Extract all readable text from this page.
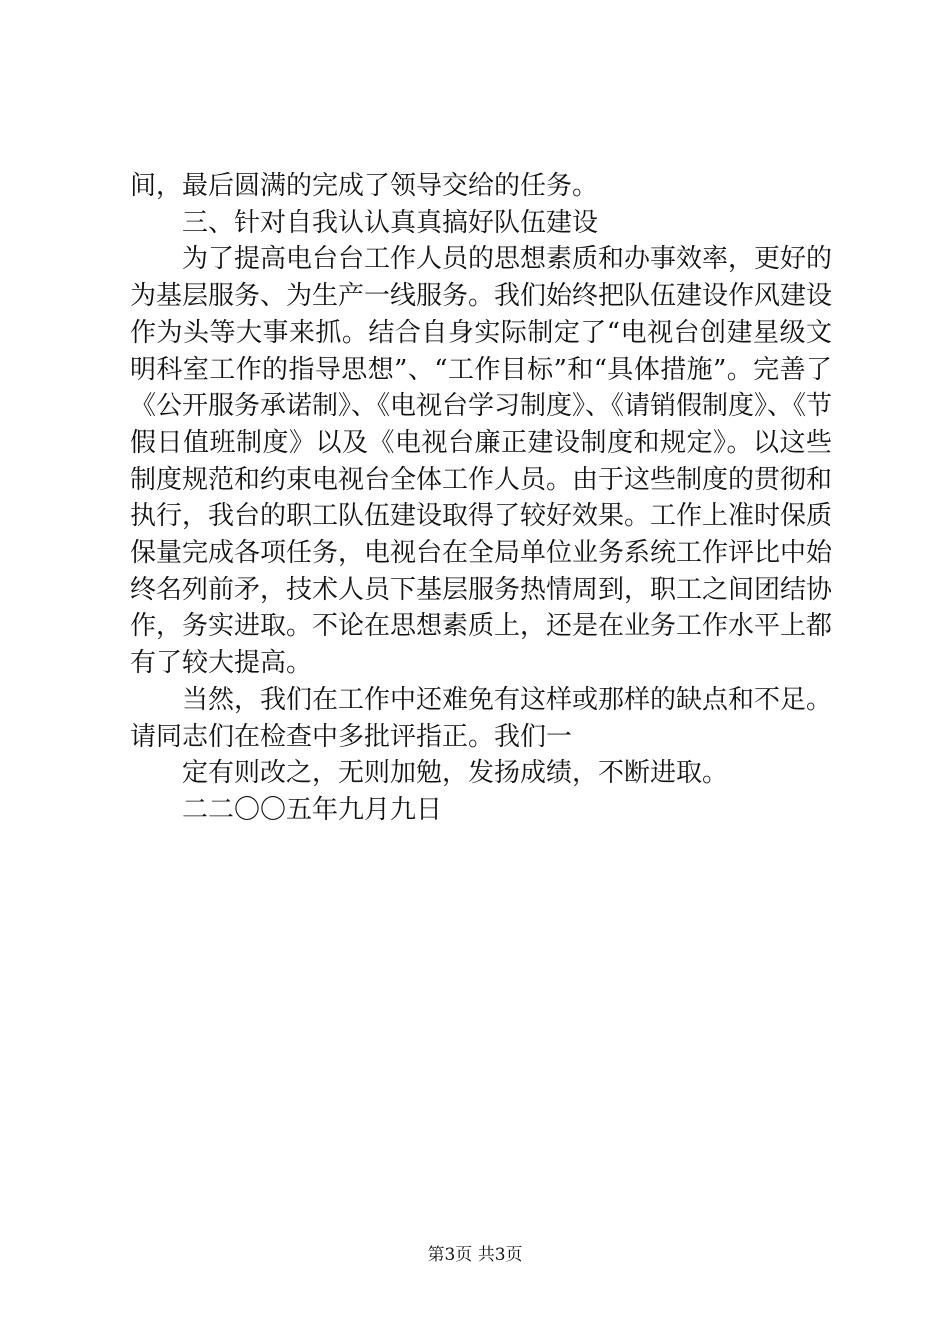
间，最后圆满的完成了领导交给的任务。

三、针对自我认认真真搞好队伍建设

为了提高电台台工作人员的思想素质和办事效率，更好的为基层服务、为生产一线服务。我们始终把队伍建设作风建设作为头等大事来抓。结合自身实际制定了“电视台创建星级文明科室工作的指导思想”、“工作目标”和“具体措施”。完善了《公开服务承诺制》、《电视台学习制度》、《请销假制度》、《节假日值班制度》以及《电视台廉正建设制度和规定》。以这些制度规范和约束电视台全体工作人员。由于这些制度的贯彻和执行，我台的职工队伍建设取得了较好效果。工作上准时保质保量完成各项任务，电视台在全局单位业务系统工作评比中始终名列前矛，技术人员下基层服务热情周到，职工之间团结协作，务实进取。不论在思想素质上，还是在业务工作水平上都有了较大提高。

当然，我们在工作中还难免有这样或那样的缺点和不足。请同志们在检查中多批评指正。我们一

定有则改之，无则加勉，发扬成绩，不断进取。

二二〇〇五年九月九日

第3页 共3页
